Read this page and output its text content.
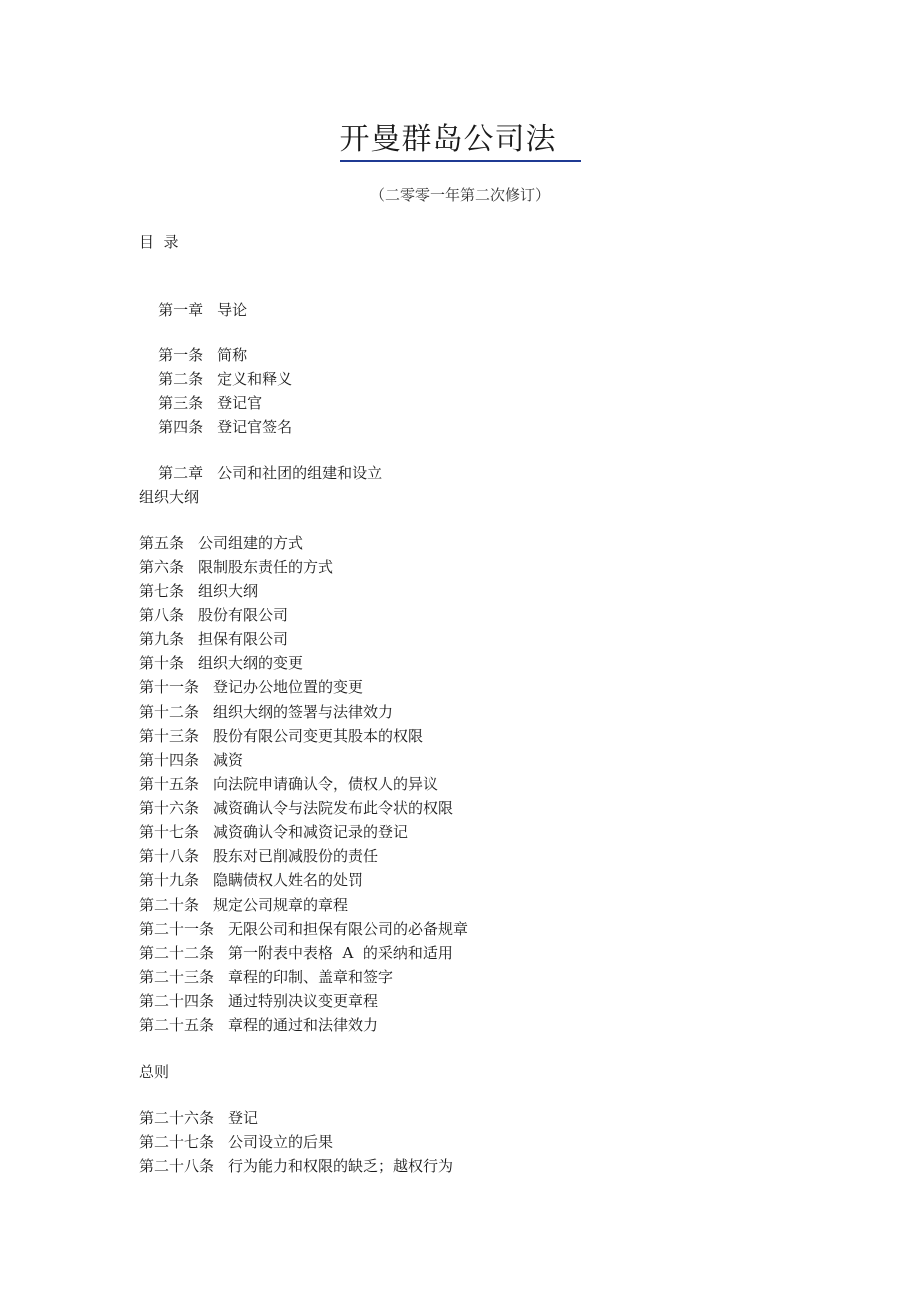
开曼群岛公司法
（二零零一年第二次修订）
目  录

第一章 导论

第一条 简称

第二条 定义和释义

第三条 登记官

第四条 登记官签名

第二章 公司和社团的组建和设立

组织大纲
第五条 公司组建的方式
第六条 限制股东责任的方式
第七条 组织大纲
第八条 股份有限公司
第九条 担保有限公司
第十条 组织大纲的变更
第十一条 登记办公地位置的变更
第十二条 组织大纲的签署与法律效力
第十三条 股份有限公司变更其股本的权限
第十四条 减资
第十五条 向法院申请确认令，债权人的异议
第十六条 减资确认令与法院发布此令状的权限
第十七条 减资确认令和减资记录的登记
第十八条 股东对已削减股份的责任
第十九条 隐瞒债权人姓名的处罚
第二十条 规定公司规章的章程
第二十一条 无限公司和担保有限公司的必备规章
第二十二条 第一附表中表格  A  的采纳和适用
第二十三条 章程的印制、盖章和签字
第二十四条 通过特别决议变更章程
第二十五条 章程的通过和法律效力
总则
第二十六条 登记
第二十七条 公司设立的后果
第二十八条 行为能力和权限的缺乏；越权行为
